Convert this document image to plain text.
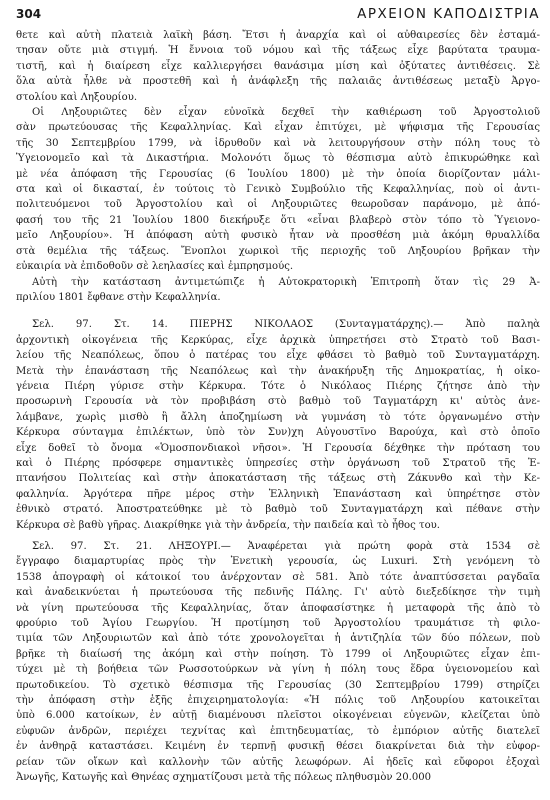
304	ΑΡΧΕΙΟΝ ΚΑΠΟΔΙΣΤΡΙΑ
θετε καὶ αὐτὴ πλατειὰ λαϊκὴ βάση. Ἔτσι ἡ ἀναρχία καὶ οἱ αὐθαιρεσίες δὲν ἐσταμά-
τησαν οὔτε μιὰ στιγμή. Ἡ ἔννοια τοῦ νόμου καὶ τῆς τάξεως εἶχε βαρύτατα τραυμα-
τιστῆ, καὶ ἡ διαίρεση εἶχε καλλιεργήσει θανάσιμα μίση καὶ ὀξύτατες ἀντιθέσεις. Σὲ
ὅλα αὐτὰ ἦλθε νὰ προστεθῆ καὶ ἡ ἀνάφλεξη τῆς παλαιᾶς ἀντιθέσεως μεταξὺ Ἀργο-
στολίου καὶ Ληξουρίου.
Οἱ Ληξουριῶτες δὲν εἶχαν εὐνοϊκὰ δεχθεῖ τὴν καθιέρωση τοῦ Ἀργοστολιοῦ
σὰν πρωτεύουσας τῆς Κεφαλληνίας. Καὶ εἶχαν ἐπιτύχει, μὲ ψήφισμα τῆς Γερουσίας
τῆς 30 Σεπτεμβρίου 1799, νὰ ἱδρυθοῦν καὶ νὰ λειτουργήσουν στὴν πόλη τους τὸ
Ὑγειονομεῖο καὶ τὰ Δικαστήρια. Μολονότι ὅμως τὸ θέσπισμα αὐτὸ ἐπικυρώθηκε καὶ
μὲ νέα ἀπόφαση τῆς Γερουσίας (6 Ἰουλίου 1800) μὲ τὴν ὁποία διορίζονταν μάλι-
στα καὶ οἱ δικασταί, ἐν τούτοις τὸ Γενικὸ Συμβούλιο τῆς Κεφαλληνίας, ποὺ οἱ ἀντι-
πολιτευόμενοι τοῦ Ἀργοστολίου καὶ οἱ Ληξουριῶτες θεωροῦσαν παράνομο, μὲ ἀπό-
φασή του τῆς 21 Ἰουλίου 1800 διεκήρυξε ὅτι «εἶναι βλαβερὸ στὸν τόπο τὸ Ὑγειονο-
μεῖο Ληξουρίου». Ἡ ἀπόφαση αὐτὴ φυσικὸ ἦταν νὰ προσθέση μιὰ ἀκόμη θρυαλλίδα
στὰ θεμέλια τῆς τάξεως. Ἔνοπλοι χωρικοὶ τῆς περιοχῆς τοῦ Ληξουρίου βρῆκαν τὴν
εὐκαιρία νὰ ἐπιδοθοῦν σὲ λεηλασίες καὶ ἐμπρησμούς.
Αὐτὴ τὴν κατάσταση ἀντιμετώπιζε ἡ Αὐτοκρατορικὴ Ἐπιτροπὴ ὅταν τὶς 29 Ἀ-
πριλίου 1801 ἔφθανε στὴν Κεφαλληνία.
Σελ. 97. Στ. 14. ΠΙΕΡΗΣ ΝΙΚΟΛΑΟΣ (Συνταγματάρχης).— Ἀπὸ παληὰ
ἀρχοντικὴ οἰκογένεια τῆς Κερκύρας, εἶχε ἀρχικὰ ὑπηρετήσει στὸ Στρατὸ τοῦ Βασι-
λείου τῆς Νεαπόλεως, ὅπου ὁ πατέρας του εἶχε φθάσει τὸ βαθμὸ τοῦ Συνταγματάρχη.
Μετὰ τὴν ἐπανάσταση τῆς Νεαπόλεως καὶ τὴν ἀνακήρυξη τῆς Δημοκρατίας, ἡ οἰκο-
γένεια Πιέρη γύρισε στὴν Κέρκυρα. Τότε ὁ Νικόλαος Πιέρης ζήτησε ἀπὸ τὴν
προσωρινὴ Γερουσία νὰ τὸν προβιβάση στὸ βαθμὸ τοῦ Ταγματάρχη κι' αὐτὸς ἀνε-
λάμβανε, χωρὶς μισθὸ ἢ ἄλλη ἀποζημίωση νὰ γυμνάση τὸ τότε ὀργανωμένο στὴν
Κέρκυρα σύνταγμα ἐπιλέκτων, ὑπὸ τὸν Συν)χη Αὐγουστῖνο Βαρούχα, καὶ στὸ ὁποῖο
εἶχε δοθεῖ τὸ ὄνομα «Ὁμοσπονδιακοὶ νῆσοι». Ἡ Γερουσία δέχθηκε τὴν πρόταση του
καὶ ὁ Πιέρης πρόσφερε σημαντικὲς ὑπηρεσίες στὴν ὀργάνωση τοῦ Στρατοῦ τῆς Ἑ-
πτανήσου Πολιτείας καὶ στὴν ἀποκατάσταση τῆς τάξεως στὴ Ζάκυνθο καὶ τὴν Κε-
φαλληνία. Ἀργότερα πῆρε μέρος στὴν Ἑλληνικὴ Ἐπανάσταση καὶ ὑπηρέτησε στὸν
ἐθνικὸ στρατό. Ἀποστρατεύθηκε μὲ τὸ βαθμὸ τοῦ Συνταγματάρχη καὶ πέθανε στὴν
Κέρκυρα σὲ βαθὺ γῆρας. Διακρίθηκε γιὰ τὴν ἀνδρεία, τὴν παιδεία καὶ τὸ ἦθος του.
Σελ. 97. Στ. 21. ΛΗΞΟΥΡΙ.— Ἀναφέρεται γιὰ πρώτη φορὰ στὰ 1534 σὲ
ἔγγραφο διαμαρτυρίας πρὸς τὴν Ἐνετικὴ γερουσία, ὡς Luxuri. Στὴ γενόμενη τὸ
1538 ἀπογραφὴ οἱ κάτοικοί του ἀνέρχονταν σὲ 581. Ἀπὸ τότε ἀναπτύσσεται ραγδαῖα
καὶ ἀναδεικνύεται ἡ πρωτεύουσα τῆς πεδινῆς Πάλης. Γι' αὐτὸ διεξεδίκησε τὴν τιμὴ
νὰ γίνη πρωτεύουσα τῆς Κεφαλληνίας, ὅταν ἀποφασίστηκε ἡ μεταφορὰ τῆς ἀπὸ τὸ
φρούριο τοῦ Ἁγίου Γεωργίου. Ἡ προτίμηση τοῦ Ἀργοστολίου τραυμάτισε τὴ φιλο-
τιμία τῶν Ληξουριωτῶν καὶ ἀπὸ τότε χρονολογεῖται ἡ ἀντιζηλία τῶν δύο πόλεων, ποὺ
βρῆκε τὴ διαίωσή της ἀκόμη καὶ στὴν ποίηση. Τὸ 1799 οἱ Ληξουριῶτες εἶχαν ἐπι-
τύχει μὲ τὴ βοήθεια τῶν Ρωσσοτούρκων νὰ γίνη ἡ πόλη τους ἕδρα ὑγειονομείου καὶ
πρωτοδικείου. Τὸ σχετικὸ θέσπισμα τῆς Γερουσίας (30 Σεπτεμβρίου 1799) στηρίζει
τὴν ἀπόφαση στὴν ἑξῆς ἐπιχειρηματολογία: «Ἡ πόλις τοῦ Ληξουρίου κατοικεῖται
ὑπὸ 6.000 κατοίκων, ἐν αὐτῇ διαμένουσι πλεῖστοι οἰκογένειαι εὐγενῶν, κλείζεται ὑπὸ
εὐφυῶν ἀνδρῶν, περιέχει τεχνίτας καὶ ἐπιτηδευματίας, τὸ ἐμπόριον αὐτῆς διατελεῖ
ἐν ἀνθηρᾷ καταστάσει. Κειμένη ἐν τερπνῇ φυσικῇ θέσει διακρίνεται διὰ τὴν εὐφορ-
ρείαν τῶν οἴκων καὶ καλλονὴν τῶν αὐτῆς λεωφόρων. Αἱ ἡδεῖς καὶ εὔφοροι ἐξοχαὶ
Ἀνωγῆς, Κατωγῆς καὶ Θηνέας σχηματίζουσι μετὰ τῆς πόλεως πληθυσμὸν 20.000
